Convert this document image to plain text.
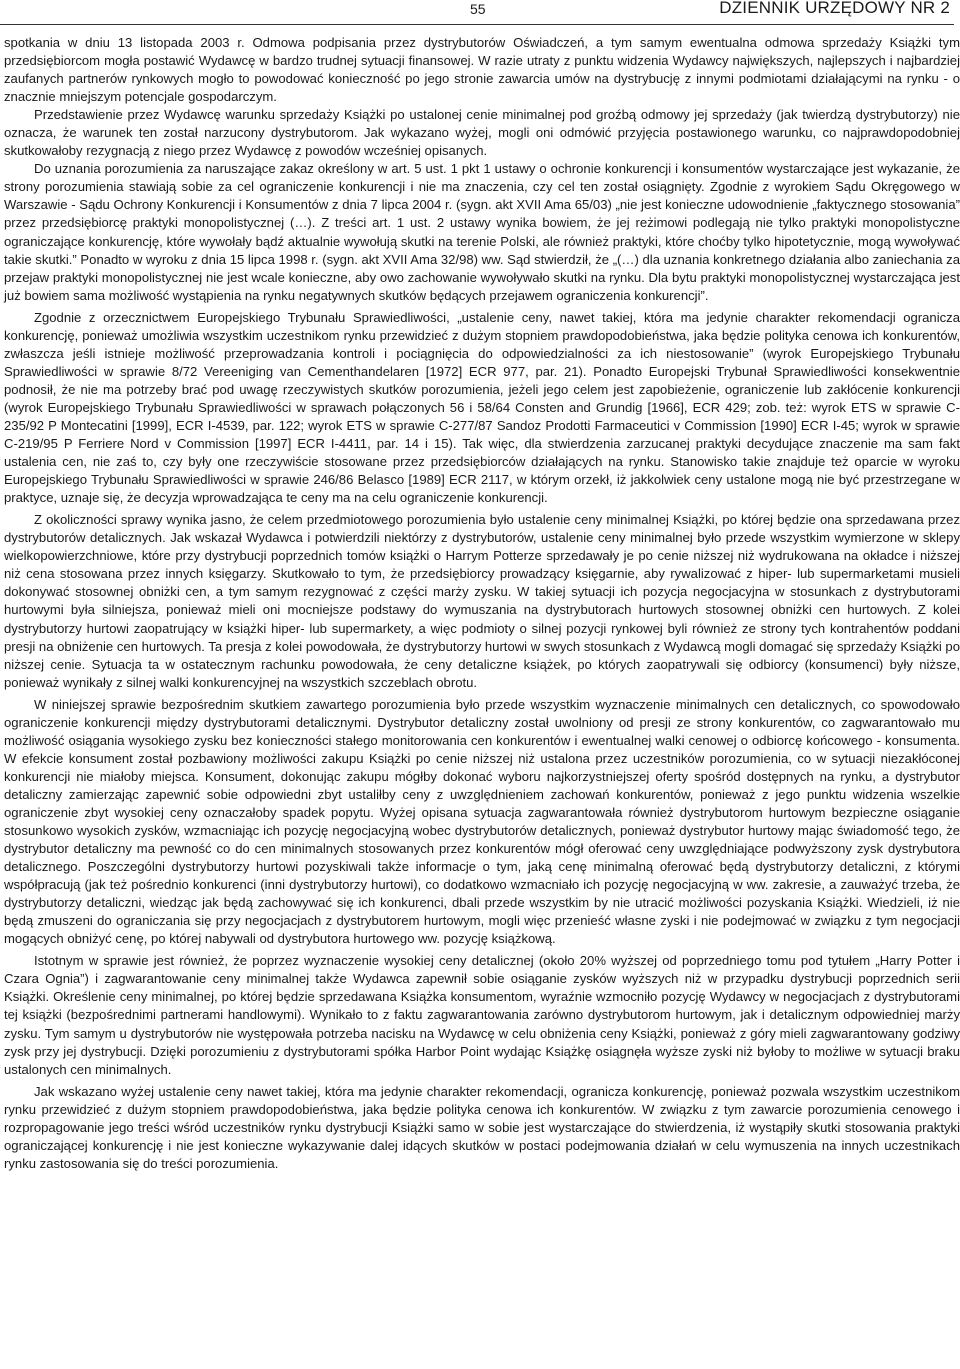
55	DZIENNIK URZĘDOWY NR 2

spotkania w dniu 13 listopada 2003 r. Odmowa podpisania przez dystrybutorów Oświadczeń, a tym samym ewentualna odmowa sprzedaży Książki tym przedsiębiorcom mogła postawić Wydawcę w bardzo trudnej sytuacji finansowej. W razie utraty z punktu widzenia Wydawcy największych, najlepszych i najbardziej zaufanych partnerów rynkowych mogło to powodować konieczność po jego stronie zawarcia umów na dystrybucję z innymi podmiotami działającymi na rynku - o znacznie mniejszym potencjale gospodarczym.

Przedstawienie przez Wydawcę warunku sprzedaży Książki po ustalonej cenie minimalnej pod groźbą odmowy jej sprzedaży (jak twierdzą dystrybutorzy) nie oznacza, że warunek ten został narzucony dystrybutorom. Jak wykazano wyżej, mogli oni odmówić przyjęcia postawionego warunku, co najprawdopodobniej skutkowałoby rezygnacją z niego przez Wydawcę z powodów wcześniej opisanych.

Do uznania porozumienia za naruszające zakaz określony w art. 5 ust. 1 pkt 1 ustawy o ochronie konkurencji i konsumentów wystarczające jest wykazanie, że strony porozumienia stawiają sobie za cel ograniczenie konkurencji i nie ma znaczenia, czy cel ten został osiągnięty. Zgodnie z wyrokiem Sądu Okręgowego w Warszawie - Sądu Ochrony Konkurencji i Konsumentów z dnia 7 lipca 2004 r. (sygn. akt XVII Ama 65/03) „nie jest konieczne udowodnienie „faktycznego stosowania” przez przedsiębiorcę praktyki monopolistycznej (…). Z treści art. 1 ust. 2 ustawy wynika bowiem, że jej reżimowi podlegają nie tylko praktyki monopolistyczne ograniczające konkurencję, które wywołały bądź aktualnie wywołują skutki na terenie Polski, ale również praktyki, które choćby tylko hipotetycznie, mogą wywoływać takie skutki.” Ponadto w wyroku z dnia 15 lipca 1998 r. (sygn. akt XVII Ama 32/98) ww. Sąd stwierdził, że „(…) dla uznania konkretnego działania albo zaniechania za przejaw praktyki monopolistycznej nie jest wcale konieczne, aby owo zachowanie wywoływało skutki na rynku. Dla bytu praktyki monopolistycznej wystarczająca jest już bowiem sama możliwość wystąpienia na rynku negatywnych skutków będących przejawem ograniczenia konkurencji”.

Zgodnie z orzecznictwem Europejskiego Trybunału Sprawiedliwości, „ustalenie ceny, nawet takiej, która ma jedynie charakter rekomendacji ogranicza konkurencję, ponieważ umożliwia wszystkim uczestnikom rynku przewidzieć z dużym stopniem prawdopodobieństwa, jaka będzie polityka cenowa ich konkurentów, zwłaszcza jeśli istnieje możliwość przeprowadzania kontroli i pociągnięcia do odpowiedzialności za ich niestosowanie” (wyrok Europejskiego Trybunału Sprawiedliwości w sprawie 8/72 Vereeniging van Cementhandelaren [1972] ECR 977, par. 21). Ponadto Europejski Trybunał Sprawiedliwości konsekwentnie podnosił, że nie ma potrzeby brać pod uwagę rzeczywistych skutków porozumienia, jeżeli jego celem jest zapobieżenie, ograniczenie lub zakłócenie konkurencji (wyrok Europejskiego Trybunału Sprawiedliwości w sprawach połączonych 56 i 58/64 Consten and Grundig [1966], ECR 429; zob. też: wyrok ETS w sprawie C-235/92 P Montecatini [1999], ECR I-4539, par. 122; wyrok ETS w sprawie C-277/87 Sandoz Prodotti Farmaceutici v Commission [1990] ECR I-45; wyrok w sprawie C-219/95 P Ferriere Nord v Commission [1997] ECR I-4411, par. 14 i 15). Tak więc, dla stwierdzenia zarzucanej praktyki decydujące znaczenie ma sam fakt ustalenia cen, nie zaś to, czy były one rzeczywiście stosowane przez przedsiębiorców działających na rynku. Stanowisko takie znajduje też oparcie w wyroku Europejskiego Trybunału Sprawiedliwości w sprawie 246/86 Belasco [1989] ECR 2117, w którym orzekł, iż jakkolwiek ceny ustalone mogą nie być przestrzegane w praktyce, uznaje się, że decyzja wprowadzająca te ceny ma na celu ograniczenie konkurencji.

Z okoliczności sprawy wynika jasno, że celem przedmiotowego porozumienia było ustalenie ceny minimalnej Książki, po której będzie ona sprzedawana przez dystrybutorów detalicznych. Jak wskazał Wydawca i potwierdzili niektórzy z dystrybutorów, ustalenie ceny minimalnej było przede wszystkim wymierzone w sklepy wielkopowierzchniowe, które przy dystrybucji poprzednich tomów książki o Harrym Potterze sprzedawały je po cenie niższej niż wydrukowana na okładce i niższej niż cena stosowana przez innych księgarzy. Skutkowało to tym, że przedsiębiorcy prowadzący księgarnie, aby rywalizować z hiper- lub supermarketami musieli dokonywać stosownej obniżki cen, a tym samym rezygnować z części marży zysku. W takiej sytuacji ich pozycja negocjacyjna w stosunkach z dystrybutorami hurtowymi była silniejsza, ponieważ mieli oni mocniejsze podstawy do wymuszania na dystrybutorach hurtowych stosownej obniżki cen hurtowych. Z kolei dystrybutorzy hurtowi zaopatrujący w książki hiper- lub supermarkety, a więc podmioty o silnej pozycji rynkowej byli również ze strony tych kontrahentów poddani presji na obniżenie cen hurtowych. Ta presja z kolei powodowała, że dystrybutorzy hurtowi w swych stosunkach z Wydawcą mogli domagać się sprzedaży Książki po niższej cenie. Sytuacja ta w ostatecznym rachunku powodowała, że ceny detaliczne książek, po których zaopatrywali się odbiorcy (konsumenci) były niższe, ponieważ wynikały z silnej walki konkurencyjnej na wszystkich szczeblach obrotu.

W niniejszej sprawie bezpośrednim skutkiem zawartego porozumienia było przede wszystkim wyznaczenie minimalnych cen detalicznych, co spowodowało ograniczenie konkurencji między dystrybutorami detalicznymi. Dystrybutor detaliczny został uwolniony od presji ze strony konkurentów, co zagwarantowało mu możliwość osiągania wysokiego zysku bez konieczności stałego monitorowania cen konkurentów i ewentualnej walki cenowej o odbiorcę końcowego - konsumenta. W efekcie konsument został pozbawiony możliwości zakupu Książki po cenie niższej niż ustalona przez uczestników porozumienia, co w sytuacji niezakłóconej konkurencji nie miałoby miejsca. Konsument, dokonując zakupu mógłby dokonać wyboru najkorzystniejszej oferty spośród dostępnych na rynku, a dystrybutor detaliczny zamierzając zapewnić sobie odpowiedni zbyt ustaliłby ceny z uwzględnieniem zachowań konkurentów, ponieważ z jego punktu widzenia wszelkie ograniczenie zbyt wysokiej ceny oznaczałoby spadek popytu. Wyżej opisana sytuacja zagwarantowała również dystrybutorom hurtowym bezpieczne osiąganie stosunkowo wysokich zysków, wzmacniając ich pozycję negocjacyjną wobec dystrybutorów detalicznych, ponieważ dystrybutor hurtowy mając świadomość tego, że dystrybutor detaliczny ma pewność co do cen minimalnych stosowanych przez konkurentów mógł oferować ceny uwzględniające podwyższony zysk dystrybutora detalicznego. Poszczególni dystrybutorzy hurtowi pozyskiwali także informacje o tym, jaką cenę minimalną oferować będą dystrybutorzy detaliczni, z którymi współpracują (jak też pośrednio konkurenci (inni dystrybutorzy hurtowi), co dodatkowo wzmacniało ich pozycję negocjacyjną w ww. zakresie, a zauważyć trzeba, że dystrybutorzy detaliczni, wiedząc jak będą zachowywać się ich konkurenci, dbali przede wszystkim by nie utracić możliwości pozyskania Książki. Wiedzieli, iż nie będą zmuszeni do ograniczania się przy negocjacjach z dystrybutorem hurtowym, mogli więc przenieść własne zyski i nie podejmować w związku z tym negocjacji mogących obniżyć cenę, po której nabywali od dystrybutora hurtowego ww. pozycję książkową.

Istotnym w sprawie jest również, że poprzez wyznaczenie wysokiej ceny detalicznej (około 20% wyższej od poprzedniego tomu pod tytułem „Harry Potter i Czara Ognia”) i zagwarantowanie ceny minimalnej także Wydawca zapewnił sobie osiąganie zysków wyższych niż w przypadku dystrybucji poprzednich serii Książki. Określenie ceny minimalnej, po której będzie sprzedawana Książka konsumentom, wyraźnie wzmocniło pozycję Wydawcy w negocjacjach z dystrybutorami tej książki (bezpośrednimi partnerami handlowymi). Wynikało to z faktu zagwarantowania zarówno dystrybutorom hurtowym, jak i detalicznym odpowiedniej marży zysku. Tym samym u dystrybutorów nie występowała potrzeba nacisku na Wydawcę w celu obniżenia ceny Książki, ponieważ z góry mieli zagwarantowany godziwy zysk przy jej dystrybucji. Dzięki porozumieniu z dystrybutorami spółka Harbor Point wydając Książkę osiągnęła wyższe zyski niż byłoby to możliwe w sytuacji braku ustalonych cen minimalnych.

Jak wskazano wyżej ustalenie ceny nawet takiej, która ma jedynie charakter rekomendacji, ogranicza konkurencję, ponieważ pozwala wszystkim uczestnikom rynku przewidzieć z dużym stopniem prawdopodobieństwa, jaka będzie polityka cenowa ich konkurentów. W związku z tym zawarcie porozumienia cenowego i rozpropagowanie jego treści wśród uczestników rynku dystrybucji Książki samo w sobie jest wystarczające do stwierdzenia, iż wystąpiły skutki stosowania praktyki ograniczającej konkurencję i nie jest konieczne wykazywanie dalej idących skutków w postaci podejmowania działań w celu wymuszenia na innych uczestnikach rynku zastosowania się do treści porozumienia.
